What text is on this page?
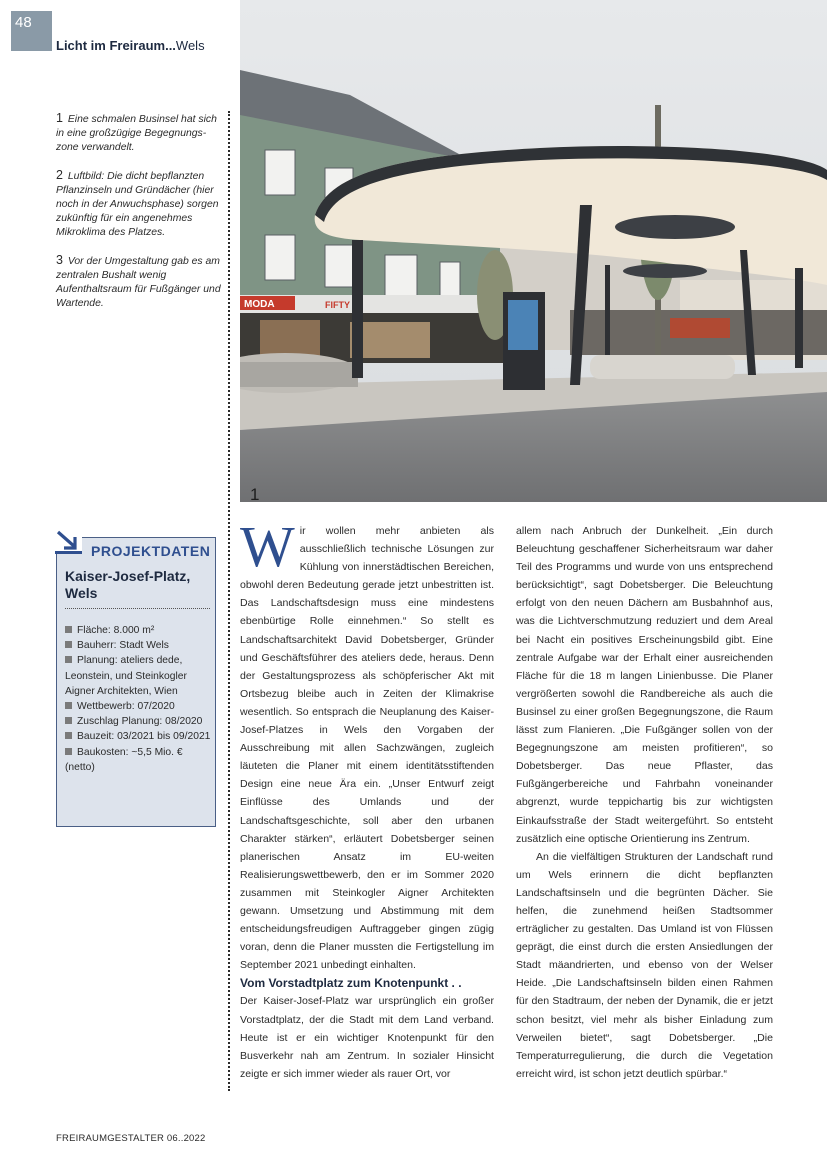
48
Licht im Freiraum...Wels
MODA	FIFTY
1

1 Eine schmalen Businsel hat sich in eine großzügige Begegnungszone verwandelt.

2 Luftbild: Die dicht bepflanzten Pflanzinseln und Gründächer (hier noch in der Anwuchsphase) sorgen zukünftig für ein angenehmes Mikroklima des Platzes.

3 Vor der Umgestaltung gab es am zentralen Bushalt wenig Aufenthaltsraum für Fußgänger und Wartende.

PROJEKTDATEN
Kaiser-Josef-Platz, Wels
Fläche: 8.000 m²
Bauherr: Stadt Wels
Planung: ateliers dede, Leonstein, und Steinkogler Aigner Architekten, Wien
Wettbewerb: 07/2020
Zuschlag Planung: 08/2020
Bauzeit: 03/2021 bis 09/2021
Baukosten: ~5,5 Mio. € (netto)

Wir wollen mehr anbieten als ausschließlich technische Lösungen zur Kühlung von innerstädtischen Bereichen, obwohl deren Bedeutung gerade jetzt unbestritten ist. Das Landschaftsdesign muss eine mindestens ebenbürtige Rolle einnehmen.“ So stellt es Landschaftsarchitekt David Dobetsberger, Gründer und Geschäftsführer des ateliers dede, heraus. Denn der Gestaltungsprozess als schöpferischer Akt mit Ortsbezug bleibe auch in Zeiten der Klimakrise wesentlich. So entsprach die Neuplanung des Kaiser-Josef-Platzes in Wels den Vorgaben der Ausschreibung mit allen Sachzwängen, zugleich läuteten die Planer mit einem identitätsstiftenden Design eine neue Ära ein. „Unser Entwurf zeigt Einflüsse des Umlands und der Landschaftsgeschichte, soll aber den urbanen Charakter stärken“, erläutert Dobetsberger seinen planerischen Ansatz im EU-weiten Realisierungswettbewerb, den er im Sommer 2020 zusammen mit Steinkogler Aigner Architekten gewann. Umsetzung und Abstimmung mit dem entscheidungsfreudigen Auftraggeber gingen zügig voran, denn die Planer mussten die Fertigstellung im September 2021 unbedingt einhalten.

Vom Vorstadtplatz zum Knotenpunkt . .

Der Kaiser-Josef-Platz war ursprünglich ein großer Vorstadtplatz, der die Stadt mit dem Land verband. Heute ist er ein wichtiger Knotenpunkt für den Busverkehr nah am Zentrum. In sozialer Hinsicht zeigte er sich immer wieder als rauer Ort, vor

allem nach Anbruch der Dunkelheit. „Ein durch Beleuchtung geschaffener Sicherheitsraum war daher Teil des Programms und wurde von uns entsprechend berücksichtigt“, sagt Dobetsberger. Die Beleuchtung erfolgt von den neuen Dächern am Busbahnhof aus, was die Lichtverschmutzung reduziert und dem Areal bei Nacht ein positives Erscheinungsbild gibt. Eine zentrale Aufgabe war der Erhalt einer ausreichenden Fläche für die 18 m langen Linienbusse. Die Planer vergrößerten sowohl die Randbereiche als auch die Businsel zu einer großen Begegnungszone, die Raum lässt zum Flanieren. „Die Fußgänger sollen von der Begegnungszone am meisten profitieren“, so Dobetsberger. Das neue Pflaster, das Fußgängerbereiche und Fahrbahn voneinander abgrenzt, wurde teppichartig bis zur wichtigsten Einkaufsstraße der Stadt weitergeführt. So entsteht zusätzlich eine optische Orientierung ins Zentrum.

An die vielfältigen Strukturen der Landschaft rund um Wels erinnern die dicht bepflanzten Landschaftsinseln und die begrünten Dächer. Sie helfen, die zunehmend heißen Stadtsommer erträglicher zu gestalten. Das Umland ist von Flüssen geprägt, die einst durch die ersten Ansiedlungen der Stadt mäandrierten, und ebenso von der Welser Heide. „Die Landschaftsinseln bilden einen Rahmen für den Stadtraum, der neben der Dynamik, die er jetzt schon besitzt, viel mehr als bisher Einladung zum Verweilen bietet“, sagt Dobetsberger. „Die Temperaturregulierung, die durch die Vegetation erreicht wird, ist schon jetzt deutlich spürbar.“

FREIRAUMGESTALTER 06..2022
